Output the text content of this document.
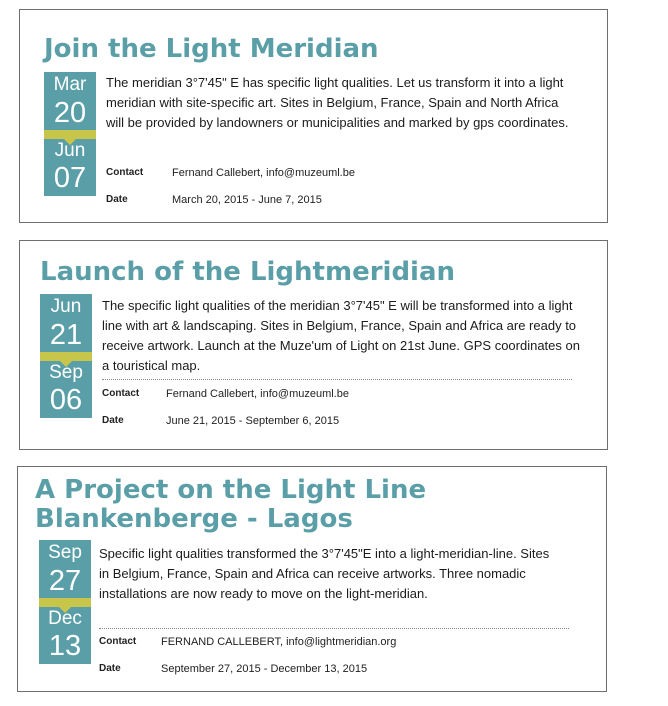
Join the Light Meridian
Mar
20
Jun
07

The meridian 3°7'45" E has specific light qualities. Let us transform it into a light meridian with site-specific art. Sites in Belgium, France, Spain and North Africa will be provided by landowners or municipalities and marked by gps coordinates.

Contact	Fernand Callebert, info@muzeuml.be
Date	March 20, 2015 - June 7, 2015
Launch of the Lightmeridian
Jun
21
Sep
06

The specific light qualities of the meridian 3°7'45" E will be transformed into a light line with art & landscaping. Sites in Belgium, France, Spain and Africa are ready to receive artwork. Launch at the Muze'um of Light on 21st June. GPS coordinates on a touristical map.

Contact Fernand Callebert, info@muzeuml.be
Date	June 21, 2015 - September 6, 2015
A Project on the Light Line
Blankenberge - Lagos
Sep
27
Dec
13

Specific light qualities transformed the 3°7'45"E into a light-meridian-line. Sites in Belgium, France, Spain and Africa can receive artworks. Three nomadic installations are now ready to move on the light-meridian.

Contact FERNAND CALLEBERT, info@lightmeridian.org
Date	September 27, 2015 - December 13, 2015
